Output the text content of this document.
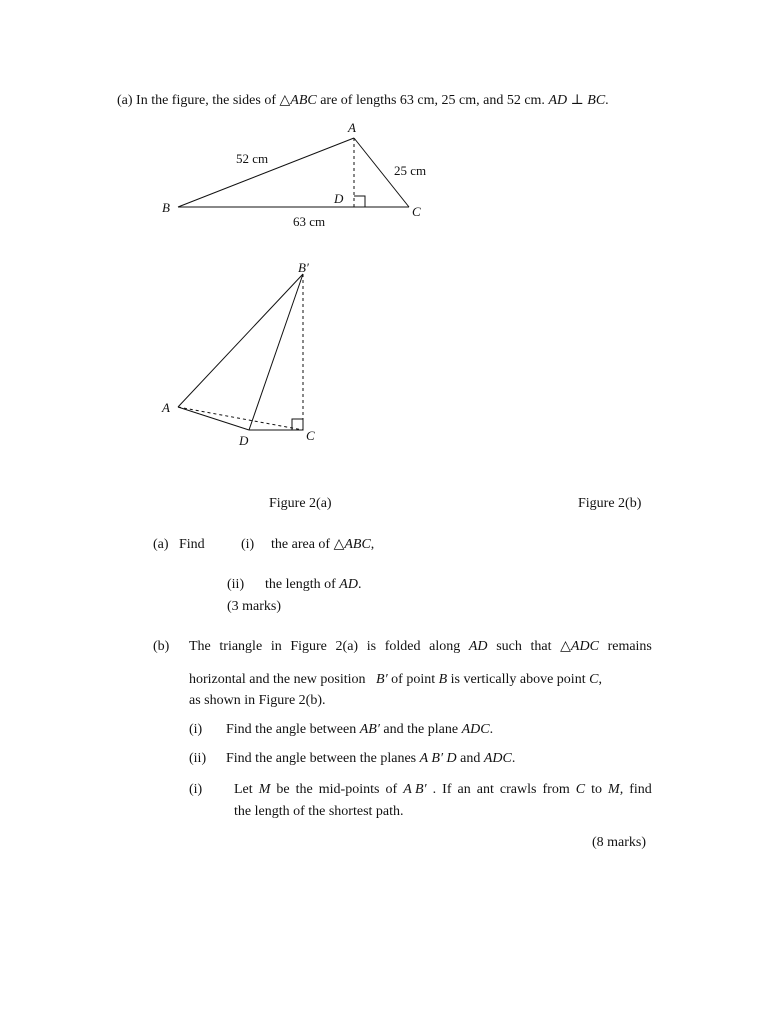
(a) In the figure, the sides of △ABC are of lengths 63 cm, 25 cm, and 52 cm. AD ⊥ BC.
A
B	C
D
52 cm
25 cm
63 cm
B′
A
D	C
Figure 2(a)	Figure 2(b)
(a) Find	(i) the area of △ABC,
(ii) the length of AD.
(3 marks)
(b) The triangle in Figure 2(a) is folded along AD such that △ADC remains
horizontal and the new position B′ of point B is vertically above point C,
as shown in Figure 2(b).
(i) Find the angle between AB′ and the plane ADC.
(ii) Find the angle between the planes A B′ D and ADC.
(i) Let M be the mid-points of A B′ . If an ant crawls from C to M, find
the length of the shortest path.
(8 marks)
